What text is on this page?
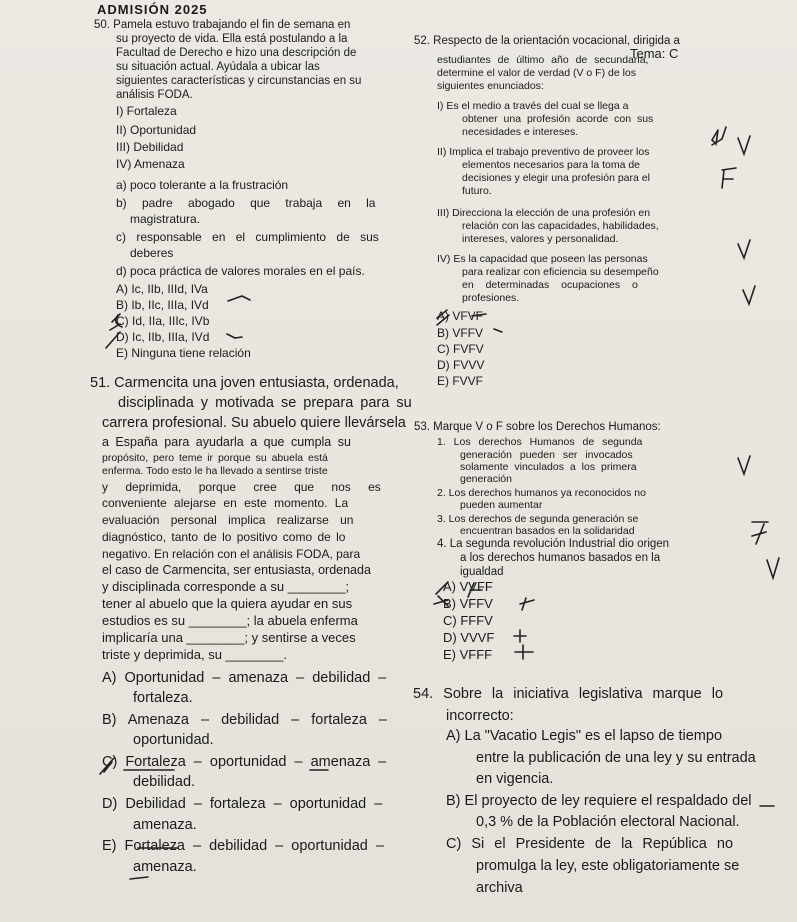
ADMISIÓN 2025
Tema: C
50. Pamela estuvo trabajando el fin de semana en
su proyecto de vida. Ella está postulando a la
Facultad de Derecho e hizo una descripción de
su situación actual. Ayúdala a ubicar las
siguientes características y circunstancias en su
análisis FODA.
I) Fortaleza
II) Oportunidad
III) Debilidad
IV) Amenaza
a) poco tolerante a la frustración
b) padre abogado que trabaja en la
magistratura.
c) responsable en el cumplimiento de sus
deberes
d) poca práctica de valores morales en el país.
A) Ic, IIb, IIId, IVa
B) Ib, IIc, IIIa, IVd
C) Id, IIa, IIIc, IVb
D) Ic, IIb, IIIa, IVd
E) Ninguna tiene relación
51. Carmencita una joven entusiasta, ordenada,
disciplinada y motivada se prepara para su
carrera profesional. Su abuelo quiere llevársela
a España para ayudarla a que cumpla su
propósito, pero teme ir porque su abuela está
enferma. Todo esto le ha llevado a sentirse triste
y deprimida, porque cree que nos es
conveniente alejarse en este momento. La
evaluación personal implica realizarse un
diagnóstico, tanto de lo positivo como de lo
negativo. En relación con el análisis FODA, para
el caso de Carmencita, ser entusiasta, ordenada
y disciplinada corresponde a su ________;
tener al abuelo que la quiera ayudar en sus
estudios es su ________; la abuela enferma
implicaría una ________; y sentirse a veces
triste y deprimida, su ________.
A) Oportunidad – amenaza – debilidad –
fortaleza.
B) Amenaza – debilidad – fortaleza –
oportunidad.
C) Fortaleza – oportunidad – amenaza –
debilidad.
D) Debilidad – fortaleza – oportunidad –
amenaza.
E) Fortaleza – debilidad – oportunidad –
amenaza.
52. Respecto de la orientación vocacional, dirigida a
estudiantes de último año de secundaria,
determine el valor de verdad (V o F) de los
siguientes enunciados:
I) Es el medio a través del cual se llega a
obtener una profesión acorde con sus
necesidades e intereses.
II) Implica el trabajo preventivo de proveer los
elementos necesarios para la toma de
decisiones y elegir una profesión para el
futuro.
III) Direcciona la elección de una profesión en
relación con las capacidades, habilidades,
intereses, valores y personalidad.
IV) Es la capacidad que poseen las personas
para realizar con eficiencia su desempeño
en determinadas ocupaciones o
profesiones.
A) VFVF
B) VFFV
C) FVFV
D) FVVV
E) FVVF
53. Marque V o F sobre los Derechos Humanos:
1. Los derechos Humanos de segunda
generación pueden ser invocados
solamente vinculados a los primera
generación
2. Los derechos humanos ya reconocidos no
pueden aumentar
3. Los derechos de segunda generación se
encuentran basados en la solidaridad
4. La segunda revolución Industrial dio origen
a los derechos humanos basados en la
igualdad
A) VVFF
B) VFFV
C) FFFV
D) VVVF
E) VFFF
54. Sobre la iniciativa legislativa marque lo
incorrecto:
A) La "Vacatio Legis" es el lapso de tiempo
entre la publicación de una ley y su entrada
en vigencia.
B) El proyecto de ley requiere el respaldado del
0,3 % de la Población electoral Nacional.
C) Si el Presidente de la República no
promulga la ley, este obligatoriamente se
archiva
